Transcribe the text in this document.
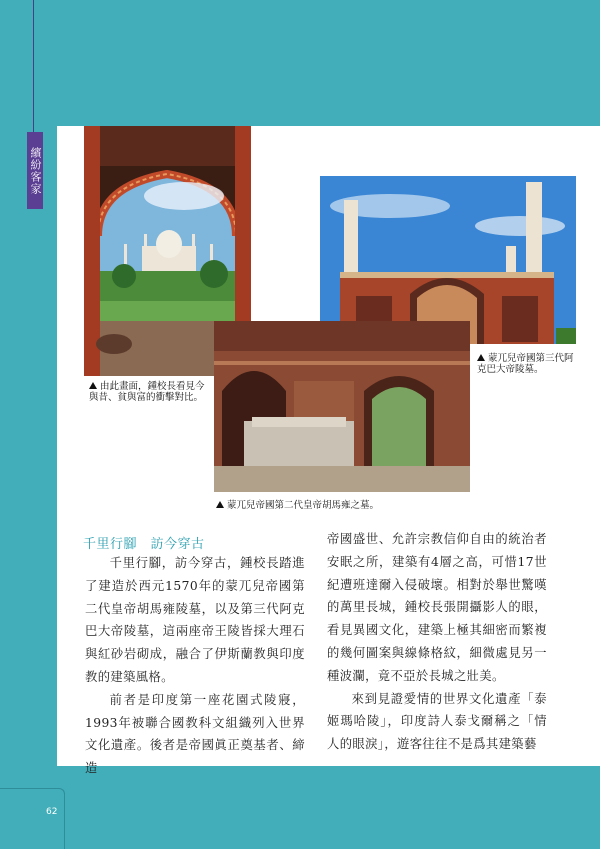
繽紛客家
由此畫面，鍾校長看見今與昔、貧與富的衝擊對比。
蒙兀兒帝國第三代阿克巴大帝陵墓。
蒙兀兒帝國第二代皇帝胡馬雍之墓。
千里行腳　訪今穿古

千里行腳，訪今穿古，鍾校長踏進了建造於西元1570年的蒙兀兒帝國第二代皇帝胡馬雍陵墓，以及第三代阿克巴大帝陵墓，這兩座帝王陵皆採大理石與紅砂岩砌成，融合了伊斯蘭教與印度教的建築風格。

前者是印度第一座花園式陵寢，1993年被聯合國教科文組織列入世界文化遺產。後者是帝國眞正奠基者、締造

帝國盛世、允許宗教信仰自由的統治者安眠之所，建築有4層之高，可惜17世紀遭班達爾入侵破壞。相對於舉世驚嘆的萬里長城，鍾校長張開攝影人的眼，看見異國文化，建築上極其細密而繁複的幾何圖案與線條格紋，細微處見另一種波瀾，竟不亞於長城之壯美。

來到見證愛情的世界文化遺產「泰姬瑪哈陵」，印度詩人泰戈爾稱之「情人的眼淚」，遊客往往不是爲其建築藝

62
